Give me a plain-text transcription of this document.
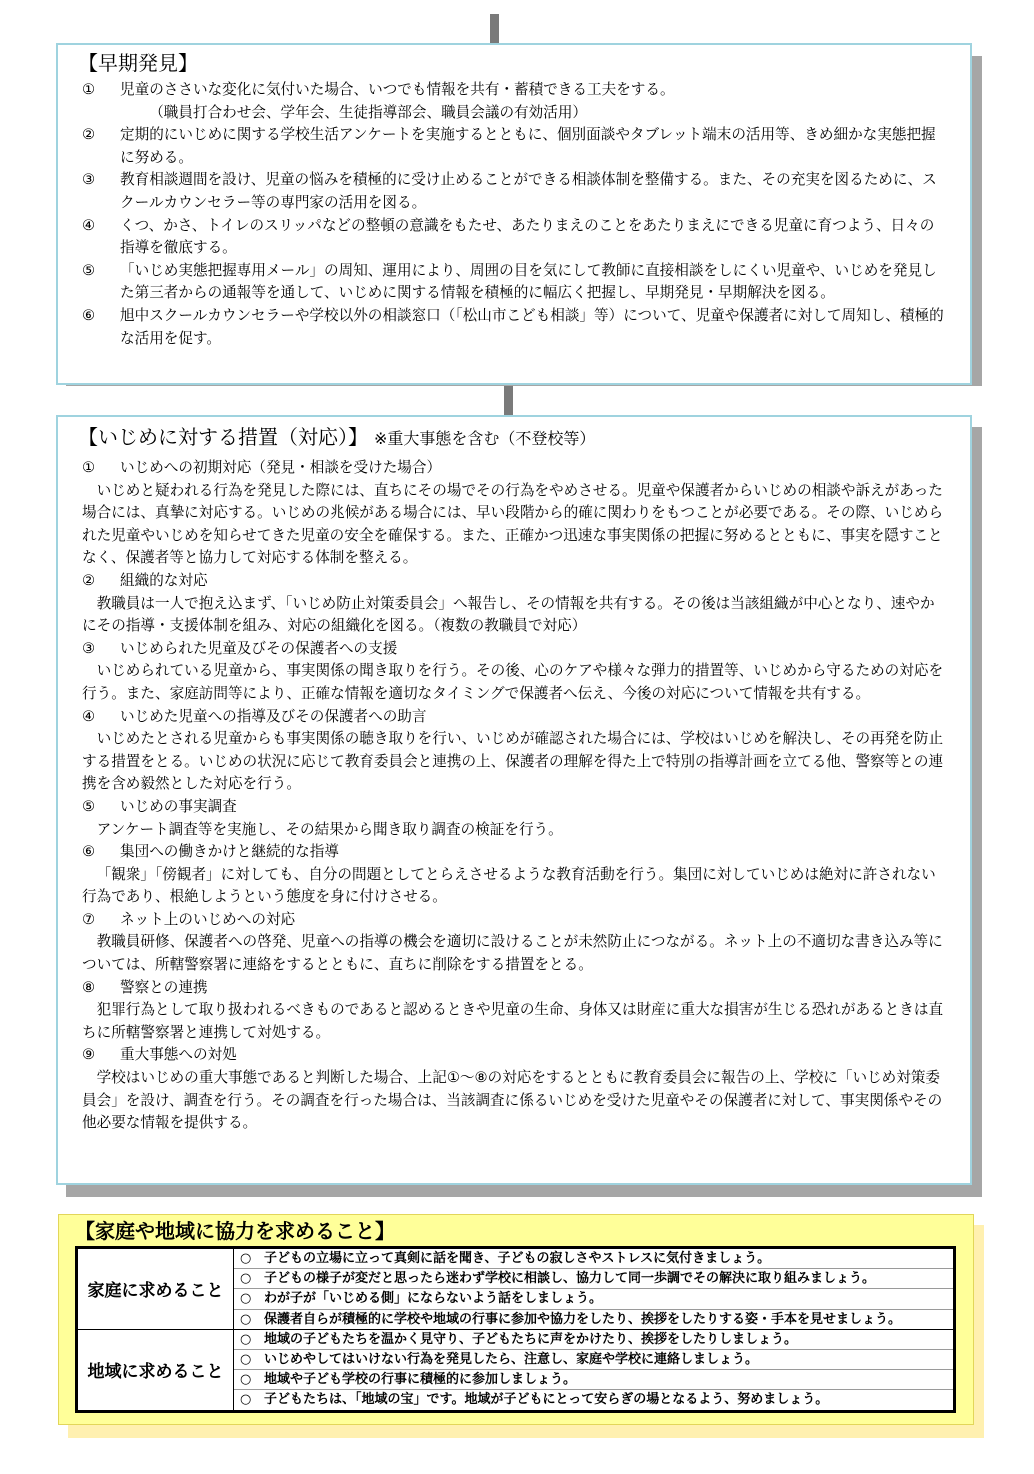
【早期発見】
①	児童のささいな変化に気付いた場合、いつでも情報を共有・蓄積できる工夫をする。
（職員打合わせ会、学年会、生徒指導部会、職員会議の有効活用）
②	定期的にいじめに関する学校生活アンケートを実施するとともに、個別面談やタブレット端末の活用等、きめ細かな実態把握に努める。
③	教育相談週間を設け、児童の悩みを積極的に受け止めることができる相談体制を整備する。また、その充実を図るために、スクールカウンセラー等の専門家の活用を図る。
④	くつ、かさ、トイレのスリッパなどの整頓の意識をもたせ、あたりまえのことをあたりまえにできる児童に育つよう、日々の指導を徹底する。
⑤	「いじめ実態把握専用メール」の周知、運用により、周囲の目を気にして教師に直接相談をしにくい児童や、いじめを発見した第三者からの通報等を通して、いじめに関する情報を積極的に幅広く把握し、早期発見・早期解決を図る。
⑥	旭中スクールカウンセラーや学校以外の相談窓口（「松山市こども相談」等）について、児童や保護者に対して周知し、積極的な活用を促す。
【いじめに対する措置（対応）】 ※重大事態を含む（不登校等）
①	いじめへの初期対応（発見・相談を受けた場合）
いじめと疑われる行為を発見した際には、直ちにその場でその行為をやめさせる。児童や保護者からいじめの相談や訴えがあった場合には、真摯に対応する。いじめの兆候がある場合には、早い段階から的確に関わりをもつことが必要である。その際、いじめられた児童やいじめを知らせてきた児童の安全を確保する。また、正確かつ迅速な事実関係の把握に努めるとともに、事実を隠すことなく、保護者等と協力して対応する体制を整える。
②	組織的な対応
教職員は一人で抱え込まず、「いじめ防止対策委員会」へ報告し、その情報を共有する。その後は当該組織が中心となり、速やかにその指導・支援体制を組み、対応の組織化を図る。（複数の教職員で対応）
③	いじめられた児童及びその保護者への支援
いじめられている児童から、事実関係の聞き取りを行う。その後、心のケアや様々な弾力的措置等、いじめから守るための対応を行う。また、家庭訪問等により、正確な情報を適切なタイミングで保護者へ伝え、今後の対応について情報を共有する。
④	いじめた児童への指導及びその保護者への助言
いじめたとされる児童からも事実関係の聴き取りを行い、いじめが確認された場合には、学校はいじめを解決し、その再発を防止する措置をとる。いじめの状況に応じて教育委員会と連携の上、保護者の理解を得た上で特別の指導計画を立てる他、警察等との連携を含め毅然とした対応を行う。
⑤	いじめの事実調査
アンケート調査等を実施し、その結果から聞き取り調査の検証を行う。
⑥	集団への働きかけと継続的な指導
「観衆」「傍観者」に対しても、自分の問題としてとらえさせるような教育活動を行う。集団に対していじめは絶対に許されない行為であり、根絶しようという態度を身に付けさせる。
⑦	ネット上のいじめへの対応
教職員研修、保護者への啓発、児童への指導の機会を適切に設けることが未然防止につながる。ネット上の不適切な書き込み等については、所轄警察署に連絡をするとともに、直ちに削除をする措置をとる。
⑧	警察との連携
犯罪行為として取り扱われるべきものであると認めるときや児童の生命、身体又は財産に重大な損害が生じる恐れがあるときは直ちに所轄警察署と連携して対処する。
⑨	重大事態への対処
学校はいじめの重大事態であると判断した場合、上記①～⑧の対応をするとともに教育委員会に報告の上、学校に「いじめ対策委員会」を設け、調査を行う。その調査を行った場合は、当該調査に係るいじめを受けた児童やその保護者に対して、事実関係やその他必要な情報を提供する。
【家庭や地域に協力を求めること】
家庭に求めること	○ 子どもの立場に立って真剣に話を聞き、子どもの寂しさやストレスに気付きましょう。
○ 子どもの様子が変だと思ったら迷わず学校に相談し、協力して同一歩調でその解決に取り組みましょう。
○ わが子が「いじめる側」にならないよう話をしましょう。
○ 保護者自らが積極的に学校や地域の行事に参加や協力をしたり、挨拶をしたりする姿・手本を見せましょう。

地域に求めること	○ 地域の子どもたちを温かく見守り、子どもたちに声をかけたり、挨拶をしたりしましょう。
○ いじめやしてはいけない行為を発見したら、注意し、家庭や学校に連絡しましょう。
○ 地域や子ども学校の行事に積極的に参加しましょう。
○ 子どもたちは、「地域の宝」です。地域が子どもにとって安らぎの場となるよう、努めましょう。
